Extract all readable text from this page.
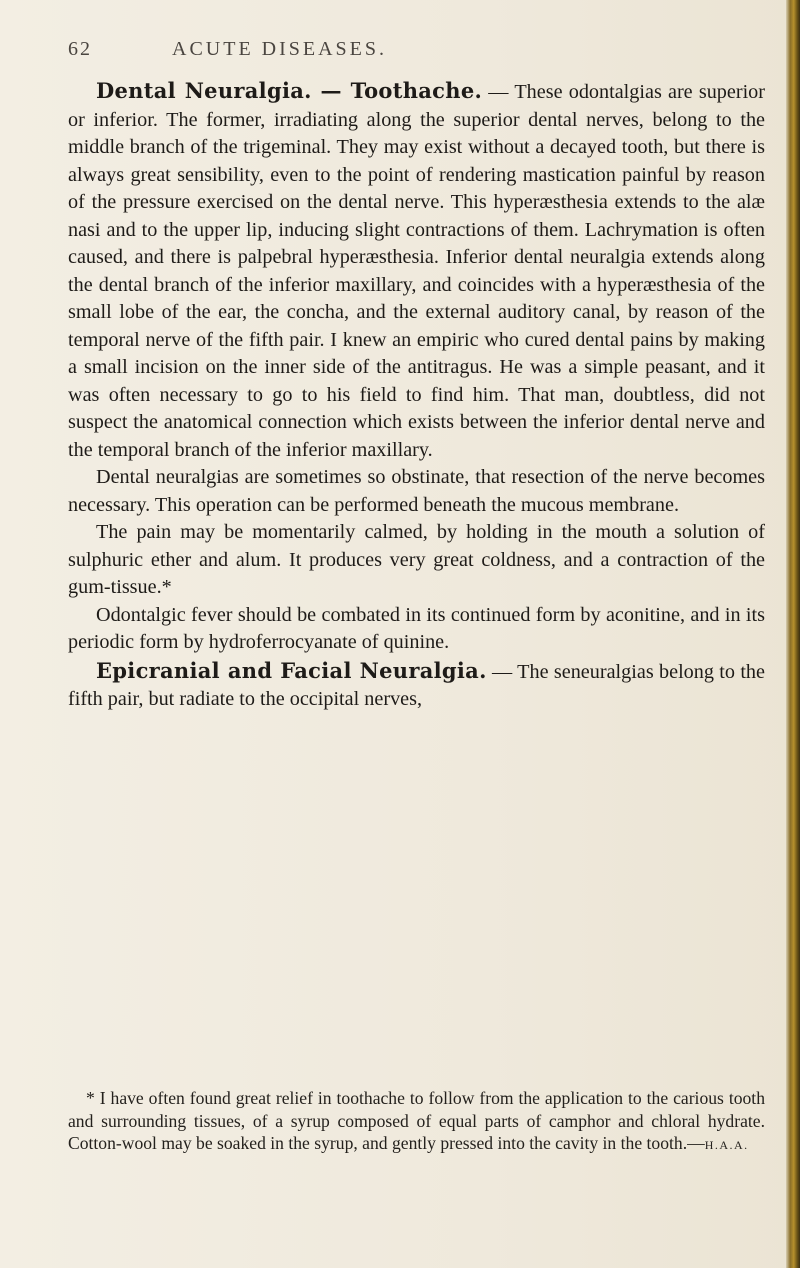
62	ACUTE DISEASES.

Dental Neuralgia. — Toothache. — These odontalgias are superior or inferior. The former, irradiating along the superior dental nerves, belong to the middle branch of the trigeminal. They may exist without a decayed tooth, but there is always great sensibility, even to the point of rendering mastication painful by reason of the pressure exercised on the dental nerve. This hyperæsthesia extends to the alæ nasi and to the upper lip, inducing slight contractions of them. Lachrymation is often caused, and there is palpebral hyperæsthesia. Inferior dental neuralgia extends along the dental branch of the inferior maxillary, and coincides with a hyperæsthesia of the small lobe of the ear, the concha, and the external auditory canal, by reason of the temporal nerve of the fifth pair. I knew an empiric who cured dental pains by making a small incision on the inner side of the antitragus. He was a simple peasant, and it was often necessary to go to his field to find him. That man, doubtless, did not suspect the anatomical connection which exists between the inferior dental nerve and the temporal branch of the inferior maxillary.

Dental neuralgias are sometimes so obstinate, that resection of the nerve becomes necessary. This operation can be performed beneath the mucous membrane.

The pain may be momentarily calmed, by holding in the mouth a solution of sulphuric ether and alum. It produces very great coldness, and a contraction of the gum-tissue.*

Odontalgic fever should be combated in its continued form by aconitine, and in its periodic form by hydroferrocyanate of quinine.

Epicranial and Facial Neuralgia. — The seneuralgias belong to the fifth pair, but radiate to the occipital nerves,

* I have often found great relief in toothache to follow from the application to the carious tooth and surrounding tissues, of a syrup composed of equal parts of camphor and chloral hydrate. Cotton-wool may be soaked in the syrup, and gently pressed into the cavity in the tooth.—H.A.A.
